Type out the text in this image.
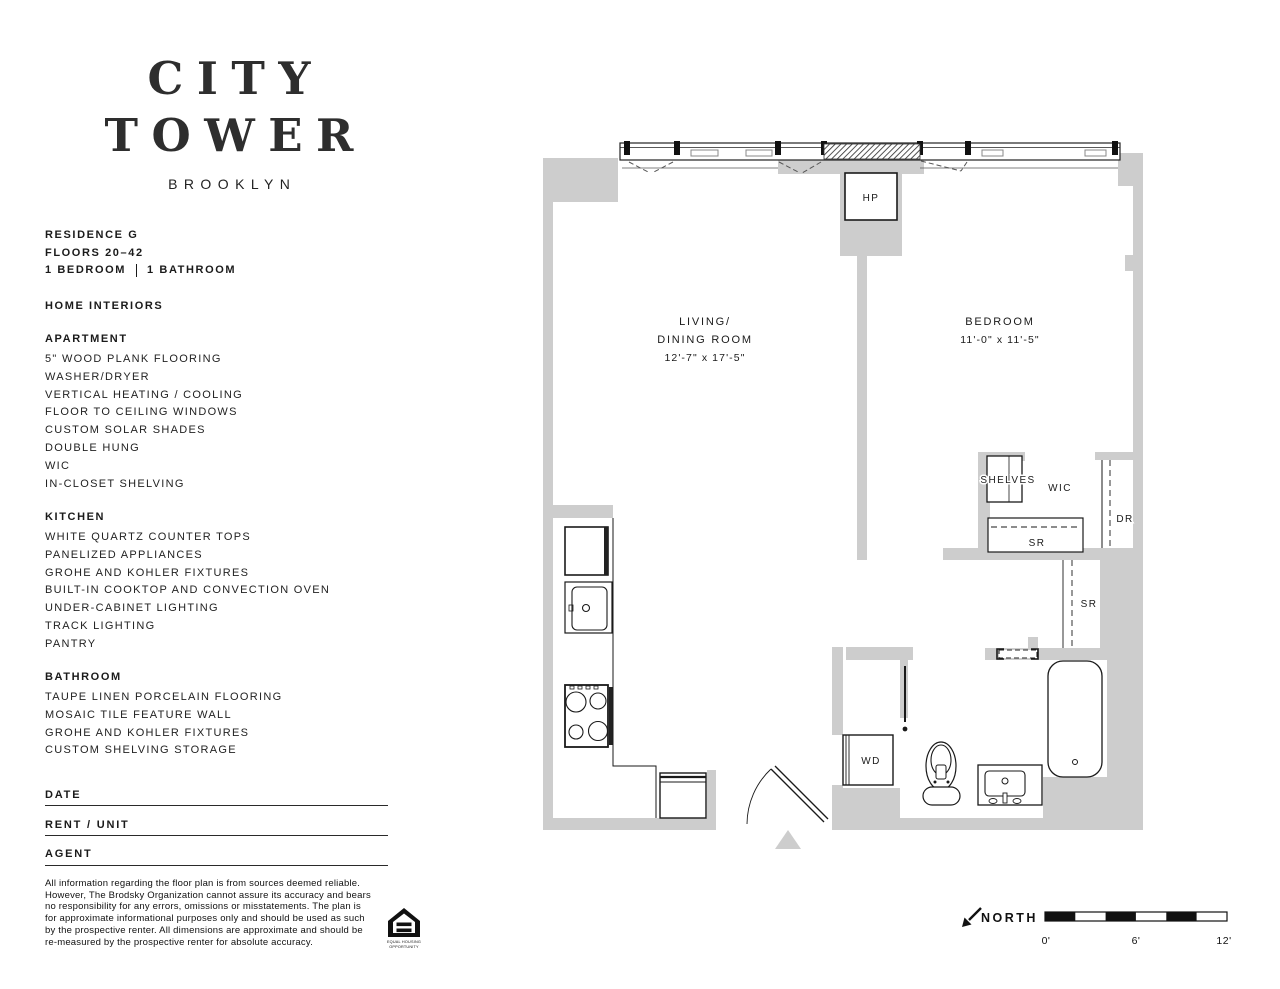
CITY
TOWER
BROOKLYN
RESIDENCE G
FLOORS 20–42
1 BEDROOM 1 BATHROOM
HOME INTERIORS
APARTMENT
5" WOOD PLANK FLOORING
WASHER/DRYER
VERTICAL HEATING / COOLING
FLOOR TO CEILING WINDOWS
CUSTOM SOLAR SHADES
DOUBLE HUNG
WIC
IN-CLOSET SHELVING
KITCHEN
WHITE QUARTZ COUNTER TOPS
PANELIZED APPLIANCES
GROHE AND KOHLER FIXTURES
BUILT-IN COOKTOP AND CONVECTION OVEN
UNDER-CABINET LIGHTING
TRACK LIGHTING
PANTRY
BATHROOM
TAUPE LINEN PORCELAIN FLOORING
MOSAIC TILE FEATURE WALL
GROHE AND KOHLER FIXTURES
CUSTOM SHELVING STORAGE
DATE
RENT / UNIT
AGENT
All information regarding the floor plan is from sources deemed reliable.
However, The Brodsky Organization cannot assure its accuracy and bears
no responsibility for any errors, omissions or misstatements. The plan is
for approximate informational purposes only and should be used as such
by the prospective renter. All dimensions are approximate and should be
re-measured by the prospective renter for absolute accuracy.	EQUAL HOUSING
OPPORTUNITY
HP
LIVING/
DINING ROOM
12'-7" x 17'-5"
BEDROOM
11'-0" x 11'-5"
SHELVES
WIC
SR
DR
SR
WD
NORTH
0'	6'	12'
